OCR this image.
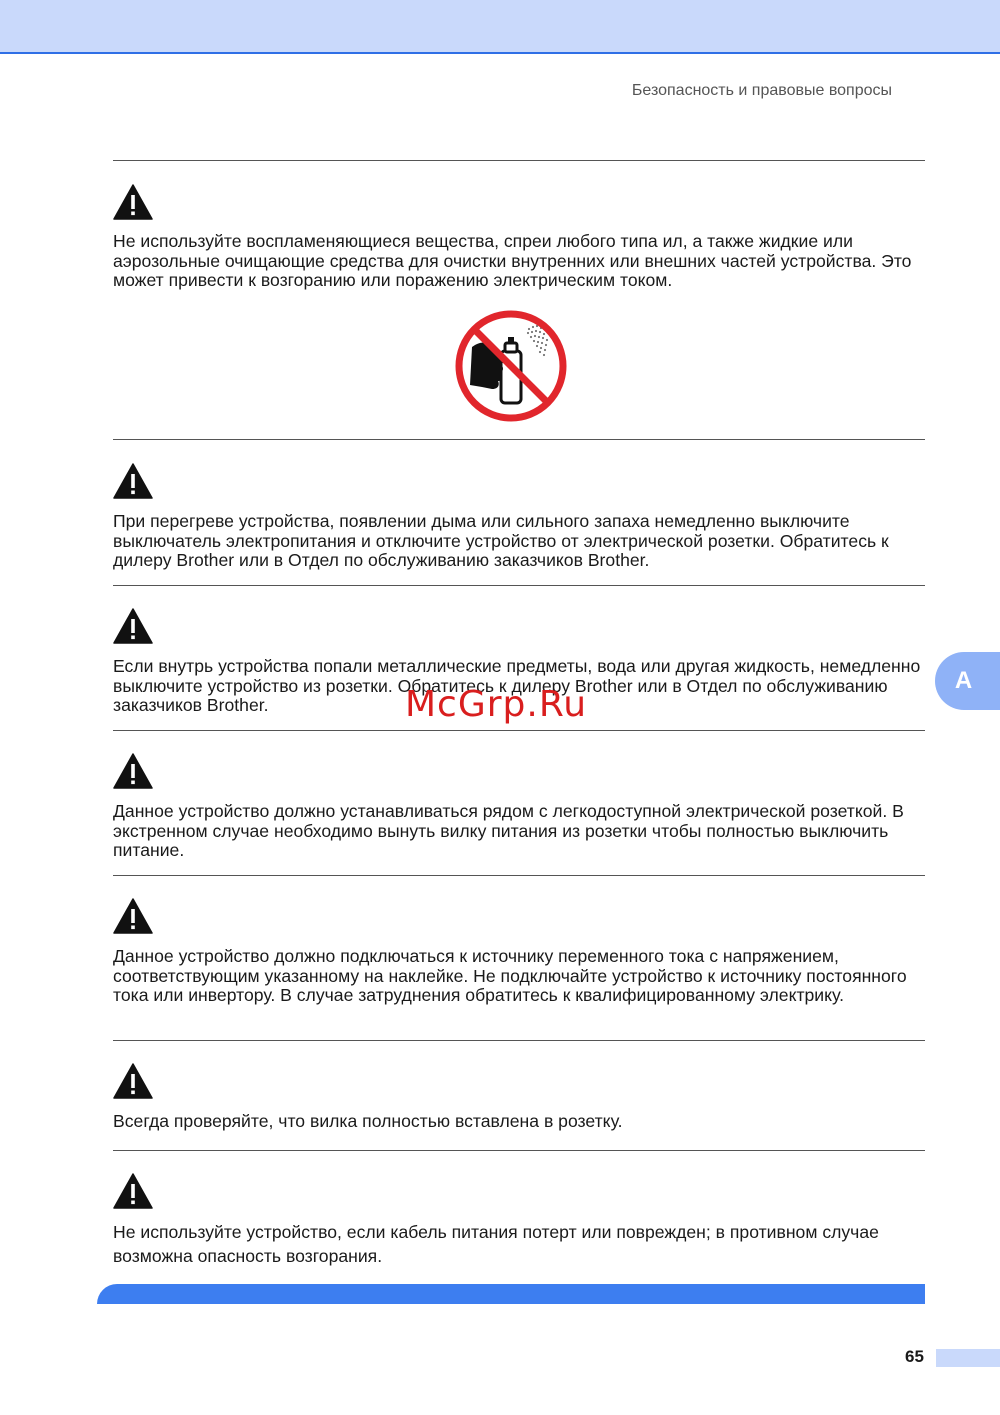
Безопасность и правовые вопросы

Не используйте воспламеняющиеся вещества, спреи любого типа ил, а также жидкие или аэрозольные очищающие средства для очистки внутренних или внешних частей устройства. Это может привести к возгоранию или поражению электрическим током.

При перегреве устройства, появлении дыма или сильного запаха немедленно выключите выключатель электропитания и отключите устройство от электрической розетки. Обратитесь к дилеру Brother или в Отдел по обслуживанию заказчиков Brother.

Если внутрь устройства попали металлические предметы, вода или другая жидкость, немедленно выключите устройство из розетки. Обратитесь к дилеру Brother или в Отдел по обслуживанию заказчиков Brother.

Данное устройство должно устанавливаться рядом с легкодоступной электрической розеткой. В экстренном случае необходимо вынуть вилку питания из розетки чтобы полностью выключить питание.

Данное устройство должно подключаться к источнику переменного тока с напряжением, соответствующим указанному на наклейке. Не подключайте устройство к источнику постоянного тока или инвертору. В случае затруднения обратитесь к квалифицированному электрику.

Всегда проверяйте, что вилка полностью вставлена в розетку.

Не используйте устройство, если кабель питания потерт или поврежден; в противном случае возможна опасность возгорания.

A
McGrp.Ru
65
